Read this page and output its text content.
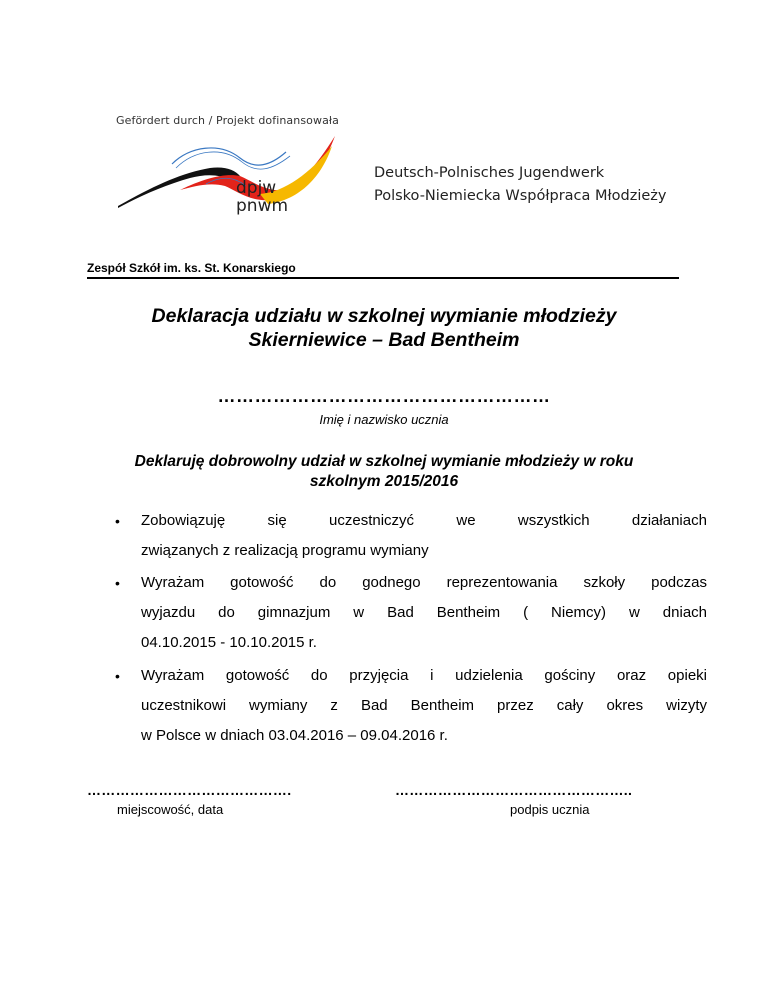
Gefördert durch / Projekt dofinansowała
dpjw
pnwm
Deutsch-Polnisches Jugendwerk
Polsko-Niemiecka Współpraca Młodzieży
Zespół Szkół im. ks. St. Konarskiego
Deklaracja udziału w szkolnej wymianie młodzieży
Skierniewice – Bad Bentheim
………………………………………………
Imię i nazwisko ucznia
Deklaruję dobrowolny udział w szkolnej wymianie młodzieży w roku
szkolnym 2015/2016
• Zobowiązuję	się	uczestniczyć	we	wszystkich	działaniach
związanych z realizacją programu wymiany
• Wyrażam gotowość do godnego reprezentowania szkoły podczas
wyjazdu do gimnazjum w Bad Bentheim ( Niemcy) w dniach
04.10.2015 - 10.10.2015 r.
• Wyrażam gotowość do przyjęcia i udzielenia gościny oraz opieki
uczestnikowi wymiany z Bad Bentheim przez cały okres wizyty
w Polsce w dniach 03.04.2016 – 09.04.2016 r.
…………………………………….	…………………………………………..
miejscowość, data	podpis ucznia
